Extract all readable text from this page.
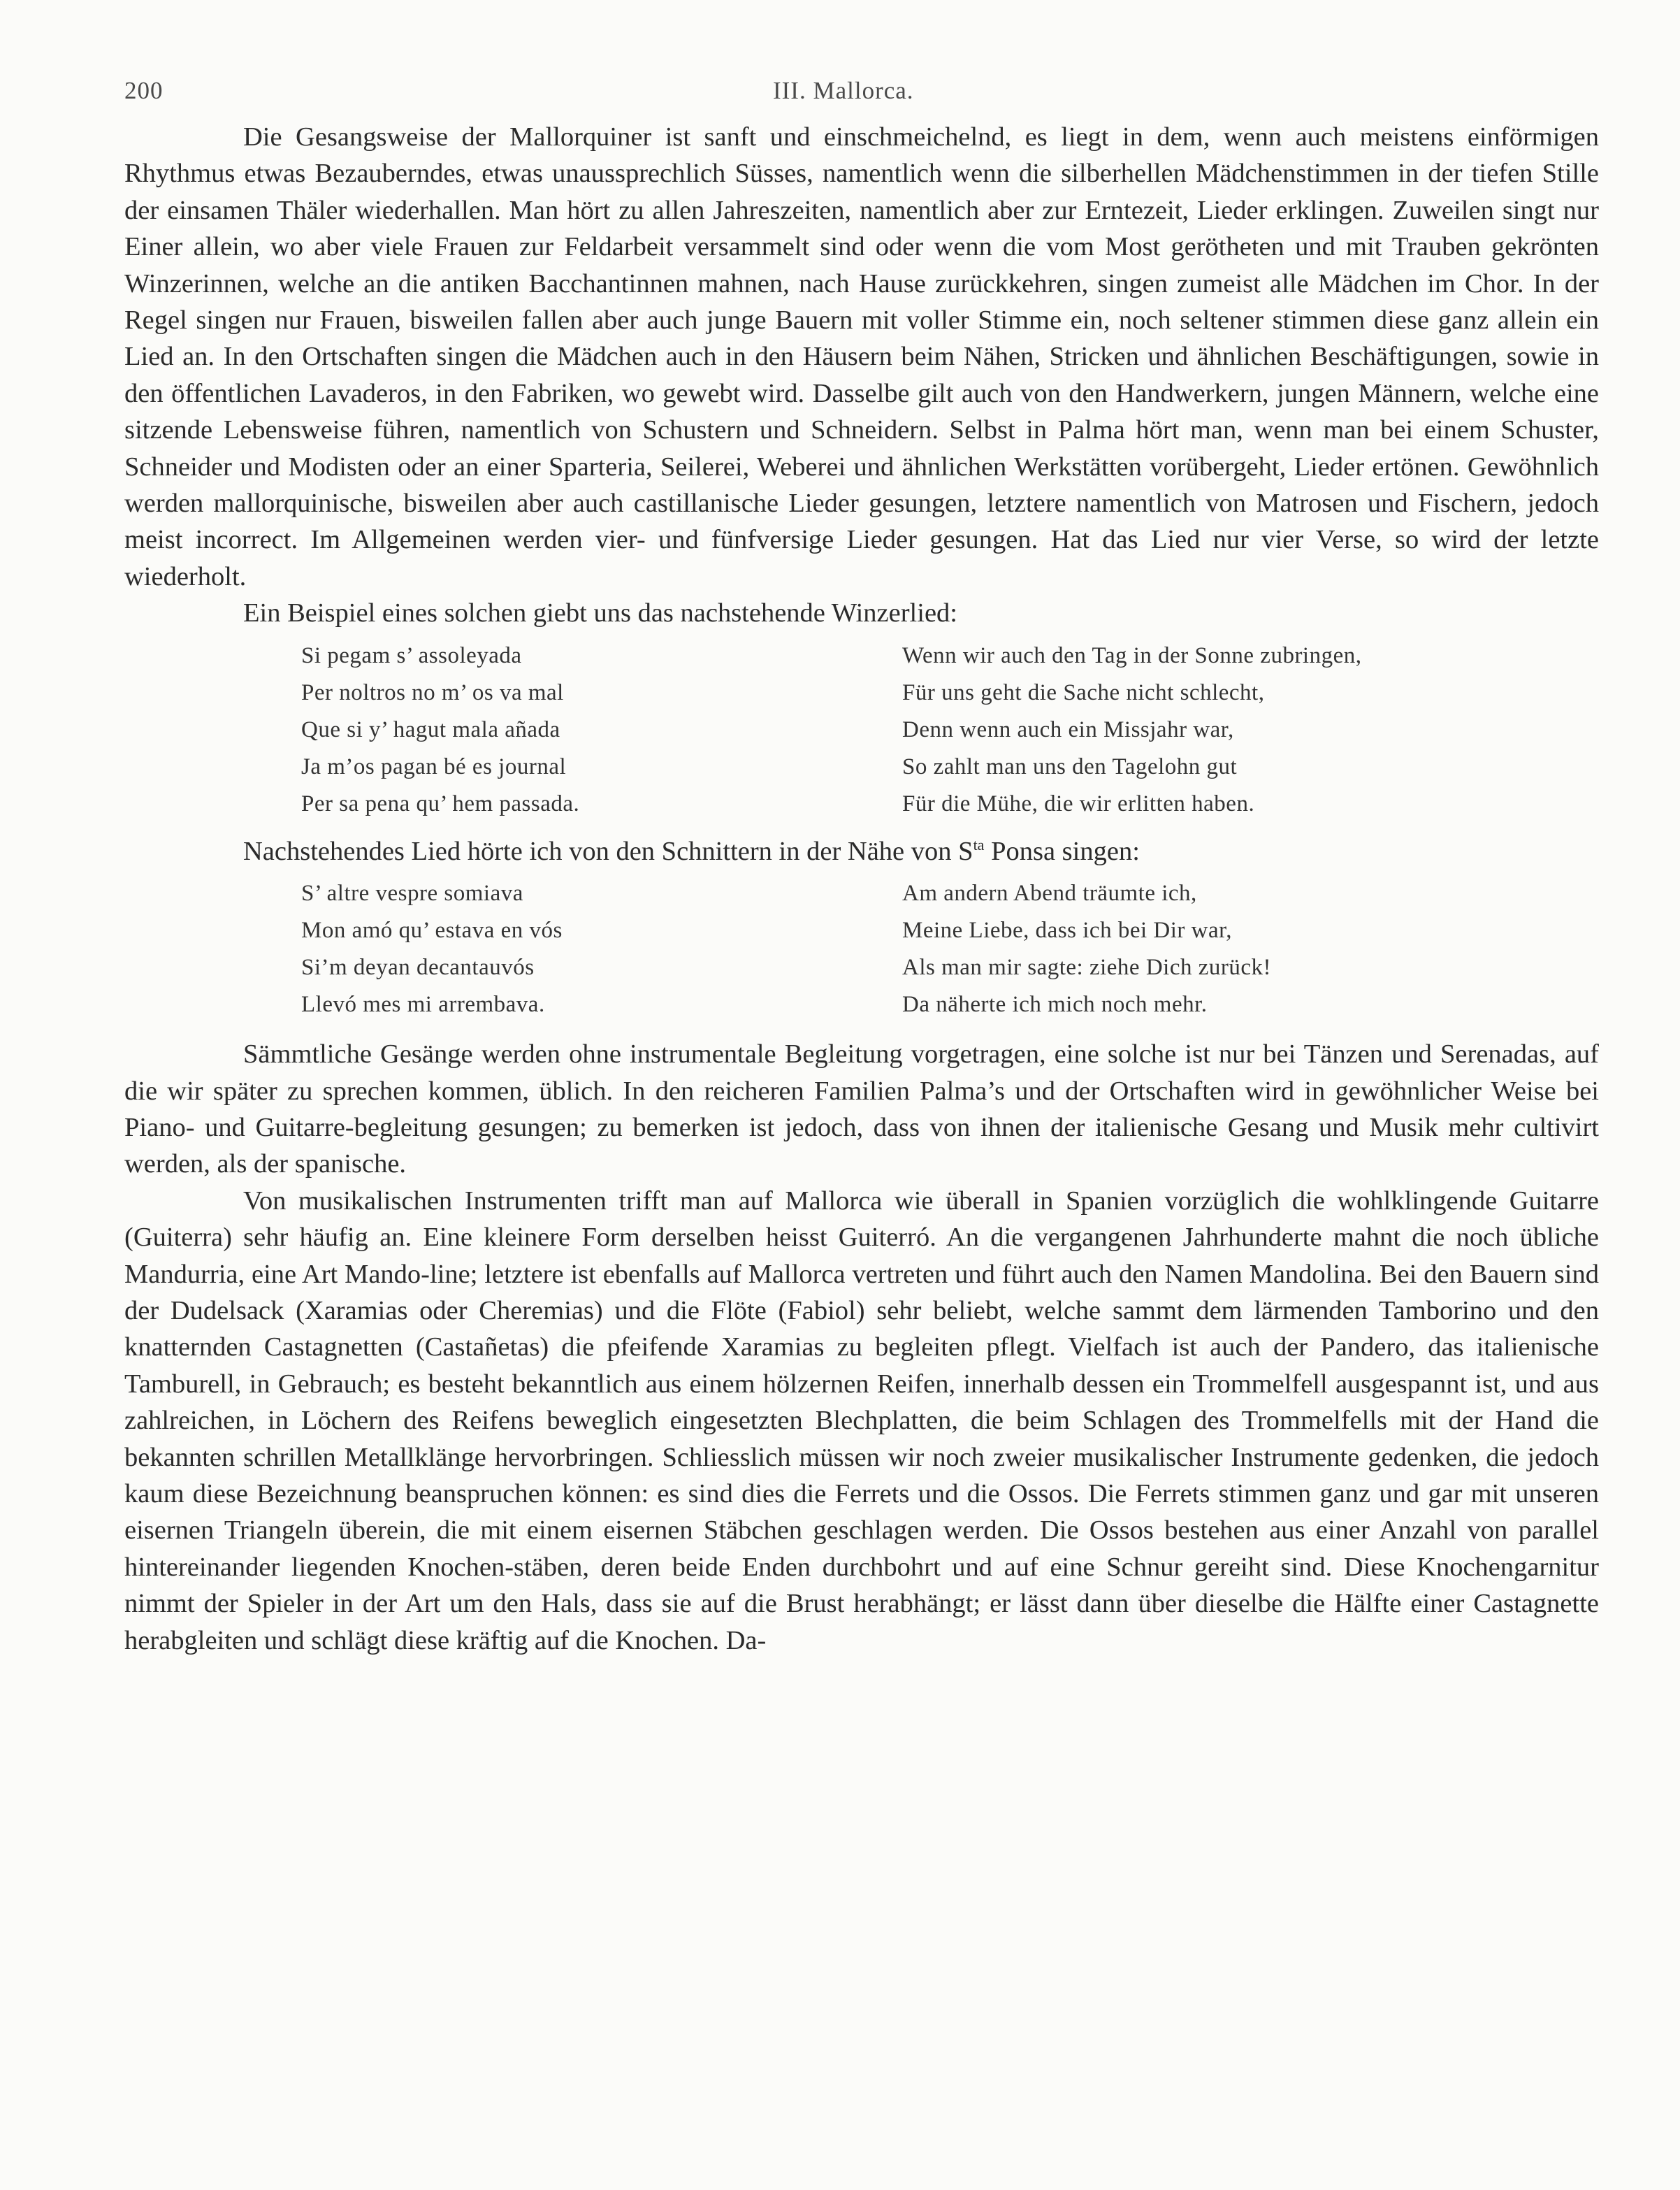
200	III. Mallorca.

Die Gesangsweise der Mallorquiner ist sanft und einschmeichelnd, es liegt in dem, wenn auch meistens einförmigen Rhythmus etwas Bezauberndes, etwas unaussprechlich Süsses, namentlich wenn die silberhellen Mädchenstimmen in der tiefen Stille der einsamen Thäler wiederhallen. Man hört zu allen Jahreszeiten, namentlich aber zur Erntezeit, Lieder erklingen. Zuweilen singt nur Einer allein, wo aber viele Frauen zur Feldarbeit versammelt sind oder wenn die vom Most gerötheten und mit Trauben gekrönten Winzerinnen, welche an die antiken Bacchantinnen mahnen, nach Hause zurückkehren, singen zumeist alle Mädchen im Chor. In der Regel singen nur Frauen, bisweilen fallen aber auch junge Bauern mit voller Stimme ein, noch seltener stimmen diese ganz allein ein Lied an. In den Ortschaften singen die Mädchen auch in den Häusern beim Nähen, Stricken und ähnlichen Beschäftigungen, sowie in den öffentlichen Lavaderos, in den Fabriken, wo gewebt wird. Dasselbe gilt auch von den Handwerkern, jungen Männern, welche eine sitzende Lebensweise führen, namentlich von Schustern und Schneidern. Selbst in Palma hört man, wenn man bei einem Schuster, Schneider und Modisten oder an einer Sparteria, Seilerei, Weberei und ähnlichen Werkstätten vorübergeht, Lieder ertönen. Gewöhnlich werden mallorquinische, bisweilen aber auch castillanische Lieder gesungen, letztere namentlich von Matrosen und Fischern, jedoch meist incorrect. Im Allgemeinen werden vier- und fünfversige Lieder gesungen. Hat das Lied nur vier Verse, so wird der letzte wiederholt.

Ein Beispiel eines solchen giebt uns das nachstehende Winzerlied:

Si pegam s’ assoleyada	Wenn wir auch den Tag in der Sonne zubringen,
Per noltros no m’ os va mal	Für uns geht die Sache nicht schlecht,
Que si y’ hagut mala añada	Denn wenn auch ein Missjahr war,
Ja m’os pagan bé es journal	So zahlt man uns den Tagelohn gut
Per sa pena qu’ hem passada.	Für die Mühe, die wir erlitten haben.

Nachstehendes Lied hörte ich von den Schnittern in der Nähe von $S^{ta}$ Ponsa singen:

S’ altre vespre somiava	Am andern Abend träumte ich,
Mon amó qu’ estava en vós	Meine Liebe, dass ich bei Dir war,
Si’m deyan decantauvós	Als man mir sagte: ziehe Dich zurück!
Llevó mes mi arrembava.	Da näherte ich mich noch mehr.

Sämmtliche Gesänge werden ohne instrumentale Begleitung vorgetragen, eine solche ist nur bei Tänzen und Serenadas, auf die wir später zu sprechen kommen, üblich. In den reicheren Familien Palma’s und der Ortschaften wird in gewöhnlicher Weise bei Piano- und Guitarre-begleitung gesungen; zu bemerken ist jedoch, dass von ihnen der italienische Gesang und Musik mehr cultivirt werden, als der spanische.

Von musikalischen Instrumenten trifft man auf Mallorca wie überall in Spanien vorzüglich die wohlklingende Guitarre (Guiterra) sehr häufig an. Eine kleinere Form derselben heisst Guiterró. An die vergangenen Jahrhunderte mahnt die noch übliche Mandurria, eine Art Mando-line; letztere ist ebenfalls auf Mallorca vertreten und führt auch den Namen Mandolina. Bei den Bauern sind der Dudelsack (Xaramias oder Cheremias) und die Flöte (Fabiol) sehr beliebt, welche sammt dem lärmenden Tamborino und den knatternden Castagnetten (Castañetas) die pfeifende Xaramias zu begleiten pflegt. Vielfach ist auch der Pandero, das italienische Tamburell, in Gebrauch; es besteht bekanntlich aus einem hölzernen Reifen, innerhalb dessen ein Trommelfell ausgespannt ist, und aus zahlreichen, in Löchern des Reifens beweglich eingesetzten Blechplatten, die beim Schlagen des Trommelfells mit der Hand die bekannten schrillen Metallklänge hervorbringen. Schliesslich müssen wir noch zweier musikalischer Instrumente gedenken, die jedoch kaum diese Bezeichnung beanspruchen können: es sind dies die Ferrets und die Ossos. Die Ferrets stimmen ganz und gar mit unseren eisernen Triangeln überein, die mit einem eisernen Stäbchen geschlagen werden. Die Ossos bestehen aus einer Anzahl von parallel hintereinander liegenden Knochen-stäben, deren beide Enden durchbohrt und auf eine Schnur gereiht sind. Diese Knochengarnitur nimmt der Spieler in der Art um den Hals, dass sie auf die Brust herabhängt; er lässt dann über dieselbe die Hälfte einer Castagnette herabgleiten und schlägt diese kräftig auf die Knochen. Da-
